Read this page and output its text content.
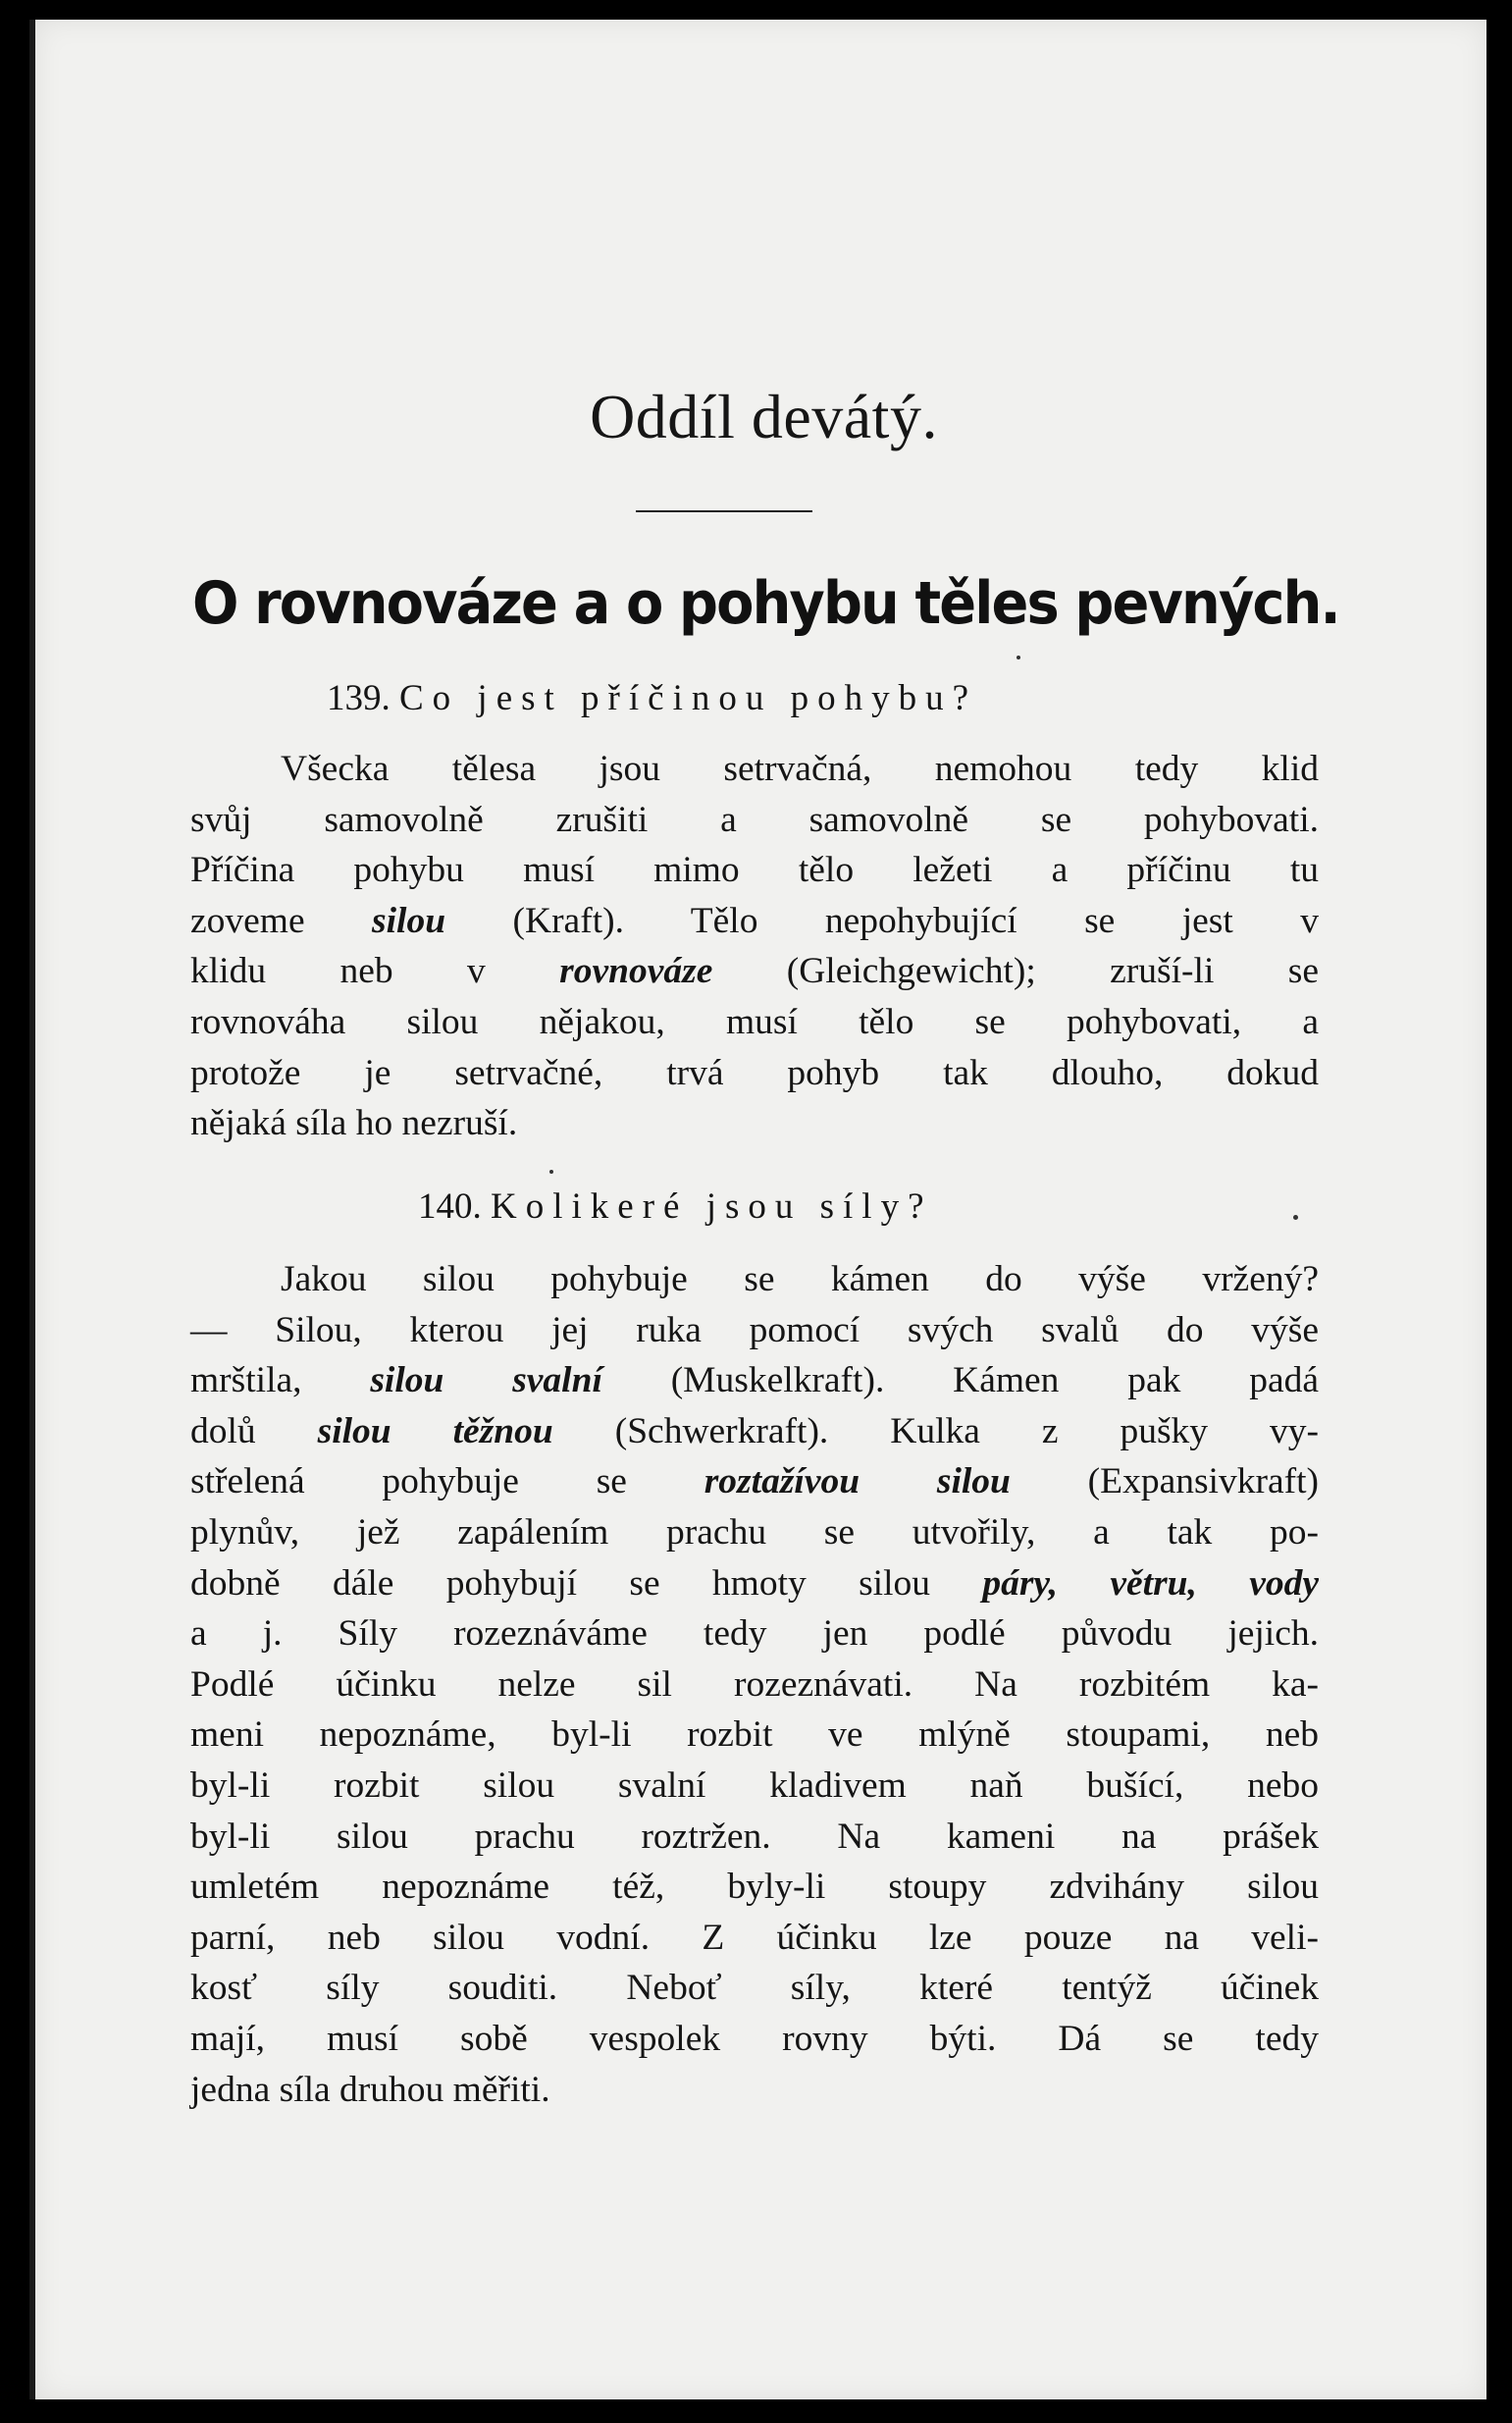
Oddíl devátý.
O rovnováze a o pohybu těles pevných.
139. Co jest příčinou pohybu?
Všecka tělesa jsou setrvačná, nemohou tedy klid
svůj samovolně zrušiti a samovolně se pohybovati.
Příčina pohybu musí mimo tělo ležeti a příčinu tu
zoveme silou (Kraft). Tělo nepohybující se jest v
klidu neb v rovnováze (Gleichgewicht); zruší-li se
rovnováha silou nějakou, musí tělo se pohybovati, a
protože je setrvačné, trvá pohyb tak dlouho, dokud
nějaká síla ho nezruší.
140. Kolikeré jsou síly?
Jakou silou pohybuje se kámen do výše vržený?
— Silou, kterou jej ruka pomocí svých svalů do výše
mrštila, silou svalní (Muskelkraft). Kámen pak padá
dolů silou těžnou (Schwerkraft). Kulka z pušky vy-
střelená pohybuje se roztažívou silou (Expansivkraft)
plynův, jež zapálením prachu se utvořily, a tak po-
dobně dále pohybují se hmoty silou páry, větru, vody
a j. Síly rozeznáváme tedy jen podlé původu jejich.
Podlé účinku nelze sil rozeznávati. Na rozbitém ka-
meni nepoznáme, byl-li rozbit ve mlýně stoupami, neb
byl-li rozbit silou svalní kladivem naň bušící, nebo
byl-li silou prachu roztržen. Na kameni na prášek
umletém nepoznáme též, byly-li stoupy zdvihány silou
parní, neb silou vodní. Z účinku lze pouze na veli-
kosť síly souditi. Neboť síly, které tentýž účinek
mají, musí sobě vespolek rovny býti. Dá se tedy
jedna síla druhou měřiti.
